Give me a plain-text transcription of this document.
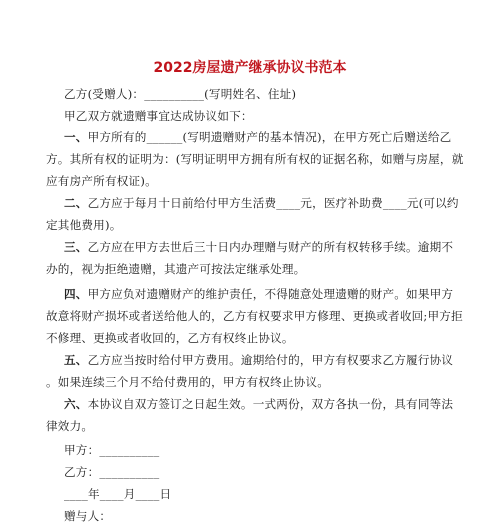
2022房屋遗产继承协议书范本
乙方(受赠人)：__________(写明姓名、住址)
甲乙双方就遗赠事宜达成协议如下：
一、甲方所有的______(写明遗赠财产的基本情况)，在甲方死亡后赠送给乙
方。其所有权的证明为：(写明证明甲方拥有所有权的证据名称，如赠与房屋，就
应有房产所有权证)。
二、乙方应于每月十日前给付甲方生活费____元，医疗补助费____元(可以约
定其他费用)。
三、乙方应在甲方去世后三十日内办理赠与财产的所有权转移手续。逾期不
办的，视为拒绝遗赠，其遗产可按法定继承处理。
四、甲方应负对遗赠财产的维护责任，不得随意处理遗赠的财产。如果甲方
故意将财产损坏或者送给他人的，乙方有权要求甲方修理、更换或者收回;甲方拒
不修理、更换或者收回的，乙方有权终止协议。
五、乙方应当按时给付甲方费用。逾期给付的，甲方有权要求乙方履行协议
。如果连续三个月不给付费用的，甲方有权终止协议。
六、本协议自双方签订之日起生效。一式两份，双方各执一份，具有同等法
律效力。
甲方：__________
乙方：__________
____年____月____日
赠与人：
